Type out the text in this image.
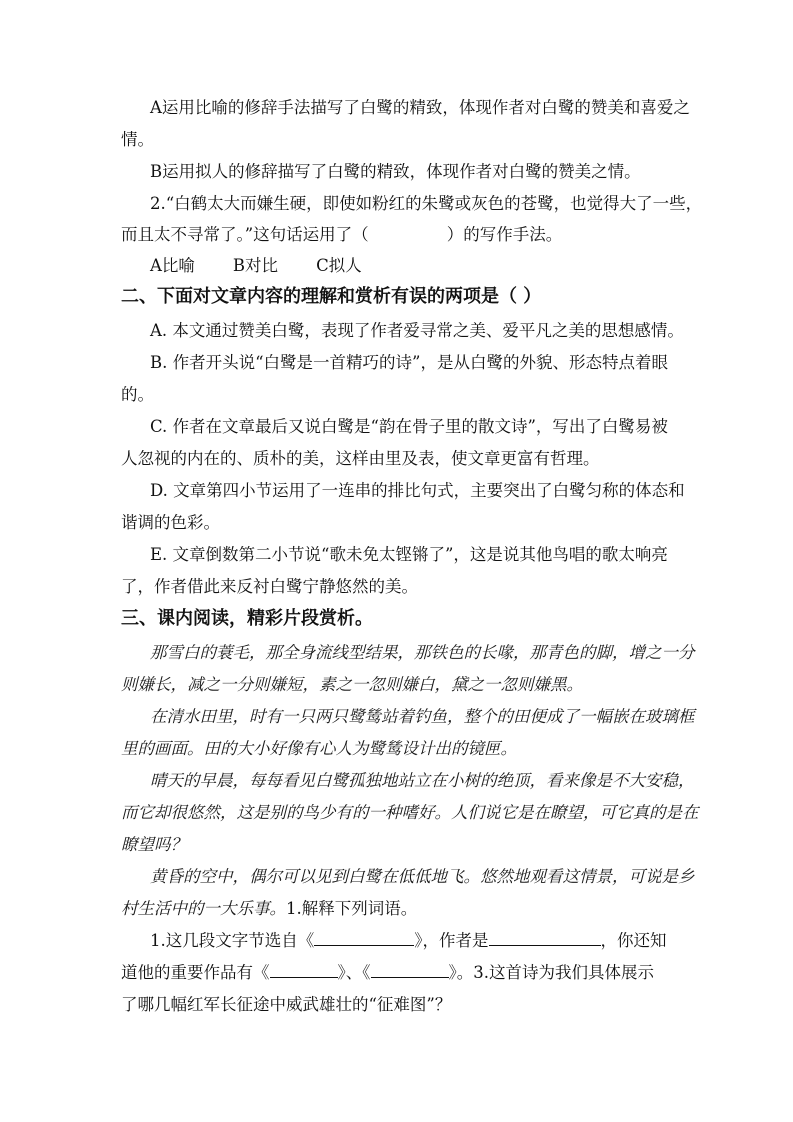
A运用比喻的修辞手法描写了白鹭的精致，体现作者对白鹭的赞美和喜爱之
情。
B运用拟人的修辞描写了白鹭的精致，体现作者对白鹭的赞美之情。
2.“白鹤太大而嫌生硬，即使如粉红的朱鹭或灰色的苍鹭，也觉得大了一些，
而且太不寻常了。”这句话运用了（	）的写作手法。
A比喻 B对比 C拟人
二、下面对文章内容的理解和赏析有误的两项是（ ）
A. 本文通过赞美白鹭，表现了作者爱寻常之美、爱平凡之美的思想感情。
B. 作者开头说“白鹭是一首精巧的诗”，是从白鹭的外貌、形态特点着眼
的。
C. 作者在文章最后又说白鹭是“韵在骨子里的散文诗”，写出了白鹭易被
人忽视的内在的、质朴的美，这样由里及表，使文章更富有哲理。
D. 文章第四小节运用了一连串的排比句式，主要突出了白鹭匀称的体态和
谐调的色彩。
E. 文章倒数第二小节说“歌未免太铿锵了”，这是说其他鸟唱的歌太响亮
了，作者借此来反衬白鹭宁静悠然的美。
三、课内阅读，精彩片段赏析。
那雪白的蓑毛，那全身流线型结果，那铁色的长喙，那青色的脚，增之一分
则嫌长，减之一分则嫌短，素之一忽则嫌白，黛之一忽则嫌黑。
在清水田里，时有一只两只鹭鸶站着钓鱼，整个的田便成了一幅嵌在玻璃框
里的画面。田的大小好像有心人为鹭鸶设计出的镜匣。
晴天的早晨，每每看见白鹭孤独地站立在小树的绝顶，看来像是不大安稳，
而它却很悠然，这是别的鸟少有的一种嗜好。人们说它是在瞭望，可它真的是在
瞭望吗？
黄昏的空中，偶尔可以见到白鹭在低低地飞。悠然地观看这情景，可说是乡
村生活中的一大乐事。1.解释下列词语。
1.这几段文字节选自《	》，作者是	，你还知
道他的重要作品有《	》、《	》。3.这首诗为我们具体展示
了哪几幅红军长征途中威武雄壮的“征难图”？
